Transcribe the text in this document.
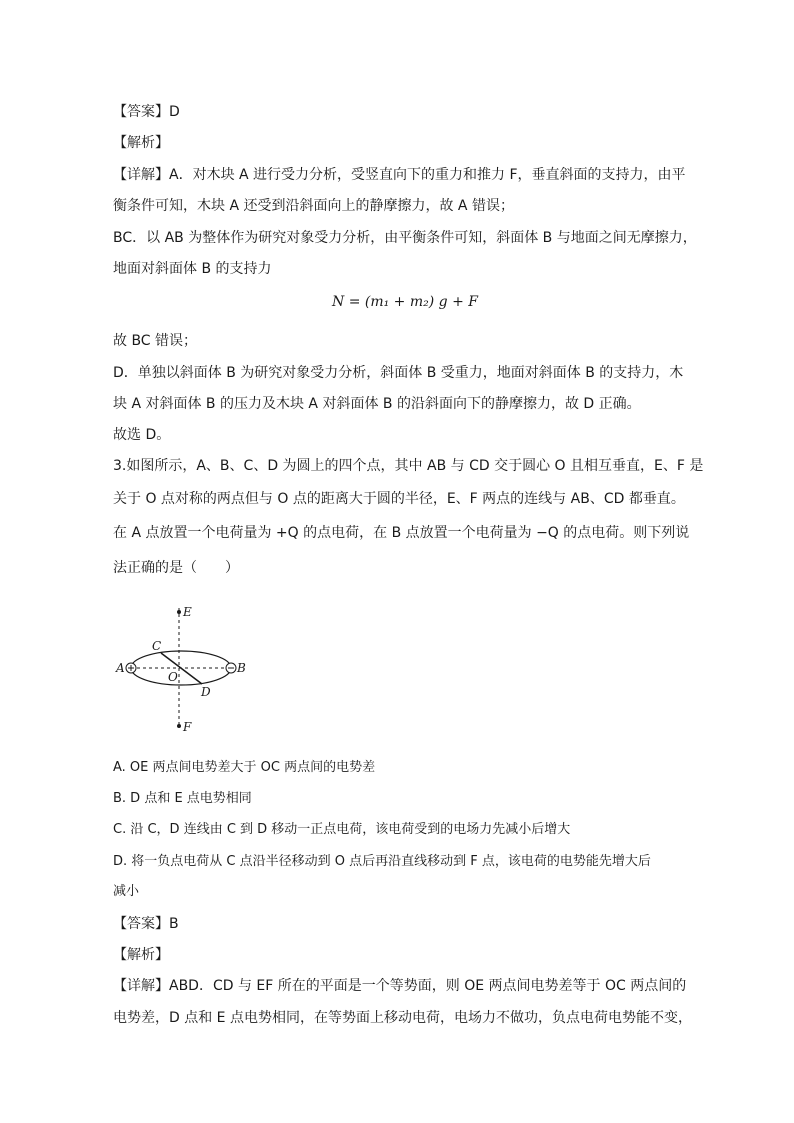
【答案】D
【解析】
【详解】A．对木块 A 进行受力分析，受竖直向下的重力和推力 F，垂直斜面的支持力，由平
衡条件可知，木块 A 还受到沿斜面向上的静摩擦力，故 A 错误；
BC．以 AB 为整体作为研究对象受力分析，由平衡条件可知，斜面体 B 与地面之间无摩擦力，
地面对斜面体 B 的支持力
N = (m₁ + m₂) g + F
故 BC 错误；
D．单独以斜面体 B 为研究对象受力分析，斜面体 B 受重力，地面对斜面体 B 的支持力，木
块 A 对斜面体 B 的压力及木块 A 对斜面体 B 的沿斜面向下的静摩擦力，故 D 正确。
故选 D。
3.如图所示，A、B、C、D 为圆上的四个点，其中 AB 与 CD 交于圆心 O 且相互垂直，E、F 是
关于 O 点对称的两点但与 O 点的距离大于圆的半径，E、F 两点的连线与 AB、CD 都垂直。
在 A 点放置一个电荷量为 +Q 的点电荷，在 B 点放置一个电荷量为 −Q 的点电荷。则下列说
法正确的是（　　）
E
C
A
O
B
D
F
A. OE 两点间电势差大于 OC 两点间的电势差
B. D 点和 E 点电势相同
C. 沿 C，D 连线由 C 到 D 移动一正点电荷，该电荷受到的电场力先减小后增大
D. 将一负点电荷从 C 点沿半径移动到 O 点后再沿直线移动到 F 点，该电荷的电势能先增大后
减小
【答案】B
【解析】
【详解】ABD．CD 与 EF 所在的平面是一个等势面，则 OE 两点间电势差等于 OC 两点间的
电势差，D 点和 E 点电势相同，在等势面上移动电荷，电场力不做功，负点电荷电势能不变，
